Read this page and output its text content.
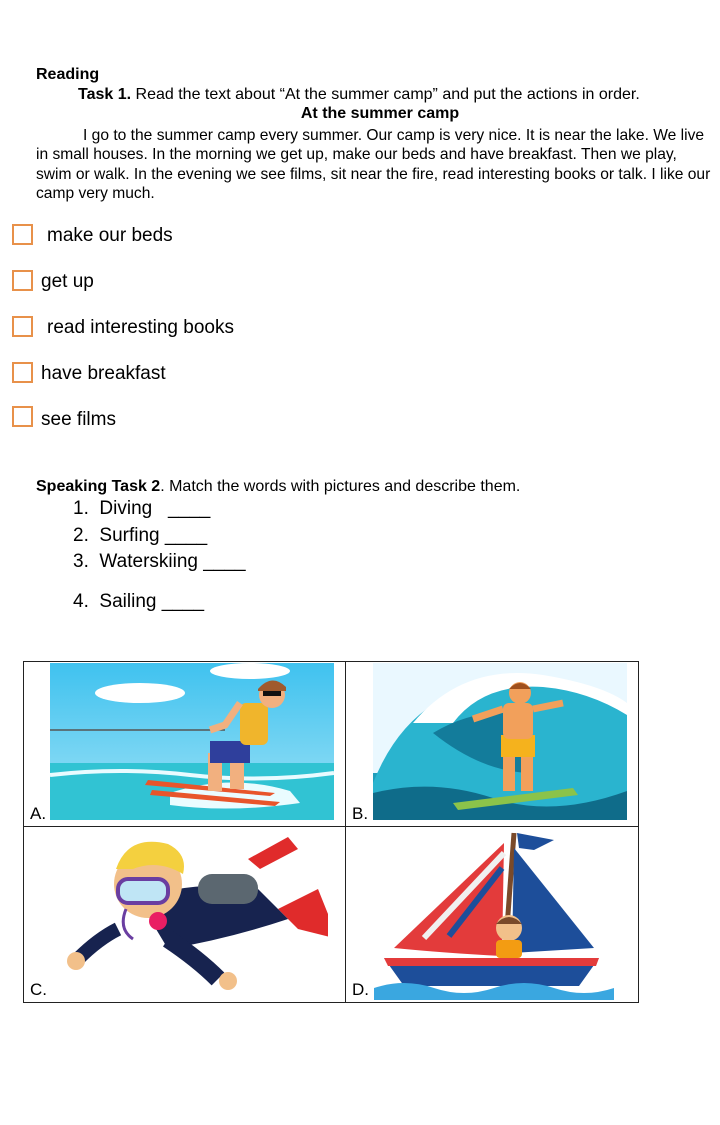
Reading
Task 1. Read the text about “At the summer camp” and put the actions in order.
At the summer camp
I go to the summer camp every summer. Our camp is very nice. It is near the lake. We live in small houses. In the morning we get up, make our beds and have breakfast. Then we play, swim or walk. In the evening we see films, sit near the fire, read interesting books or talk. I like our camp very much.
make our beds
get up
read interesting books
have breakfast
see films
Speaking Task 2. Match the words with pictures and describe them.
1. Diving   ____
2. Surfing ____
3. Waterskiing ____
4. Sailing ____
A.	B.

C.	D.
